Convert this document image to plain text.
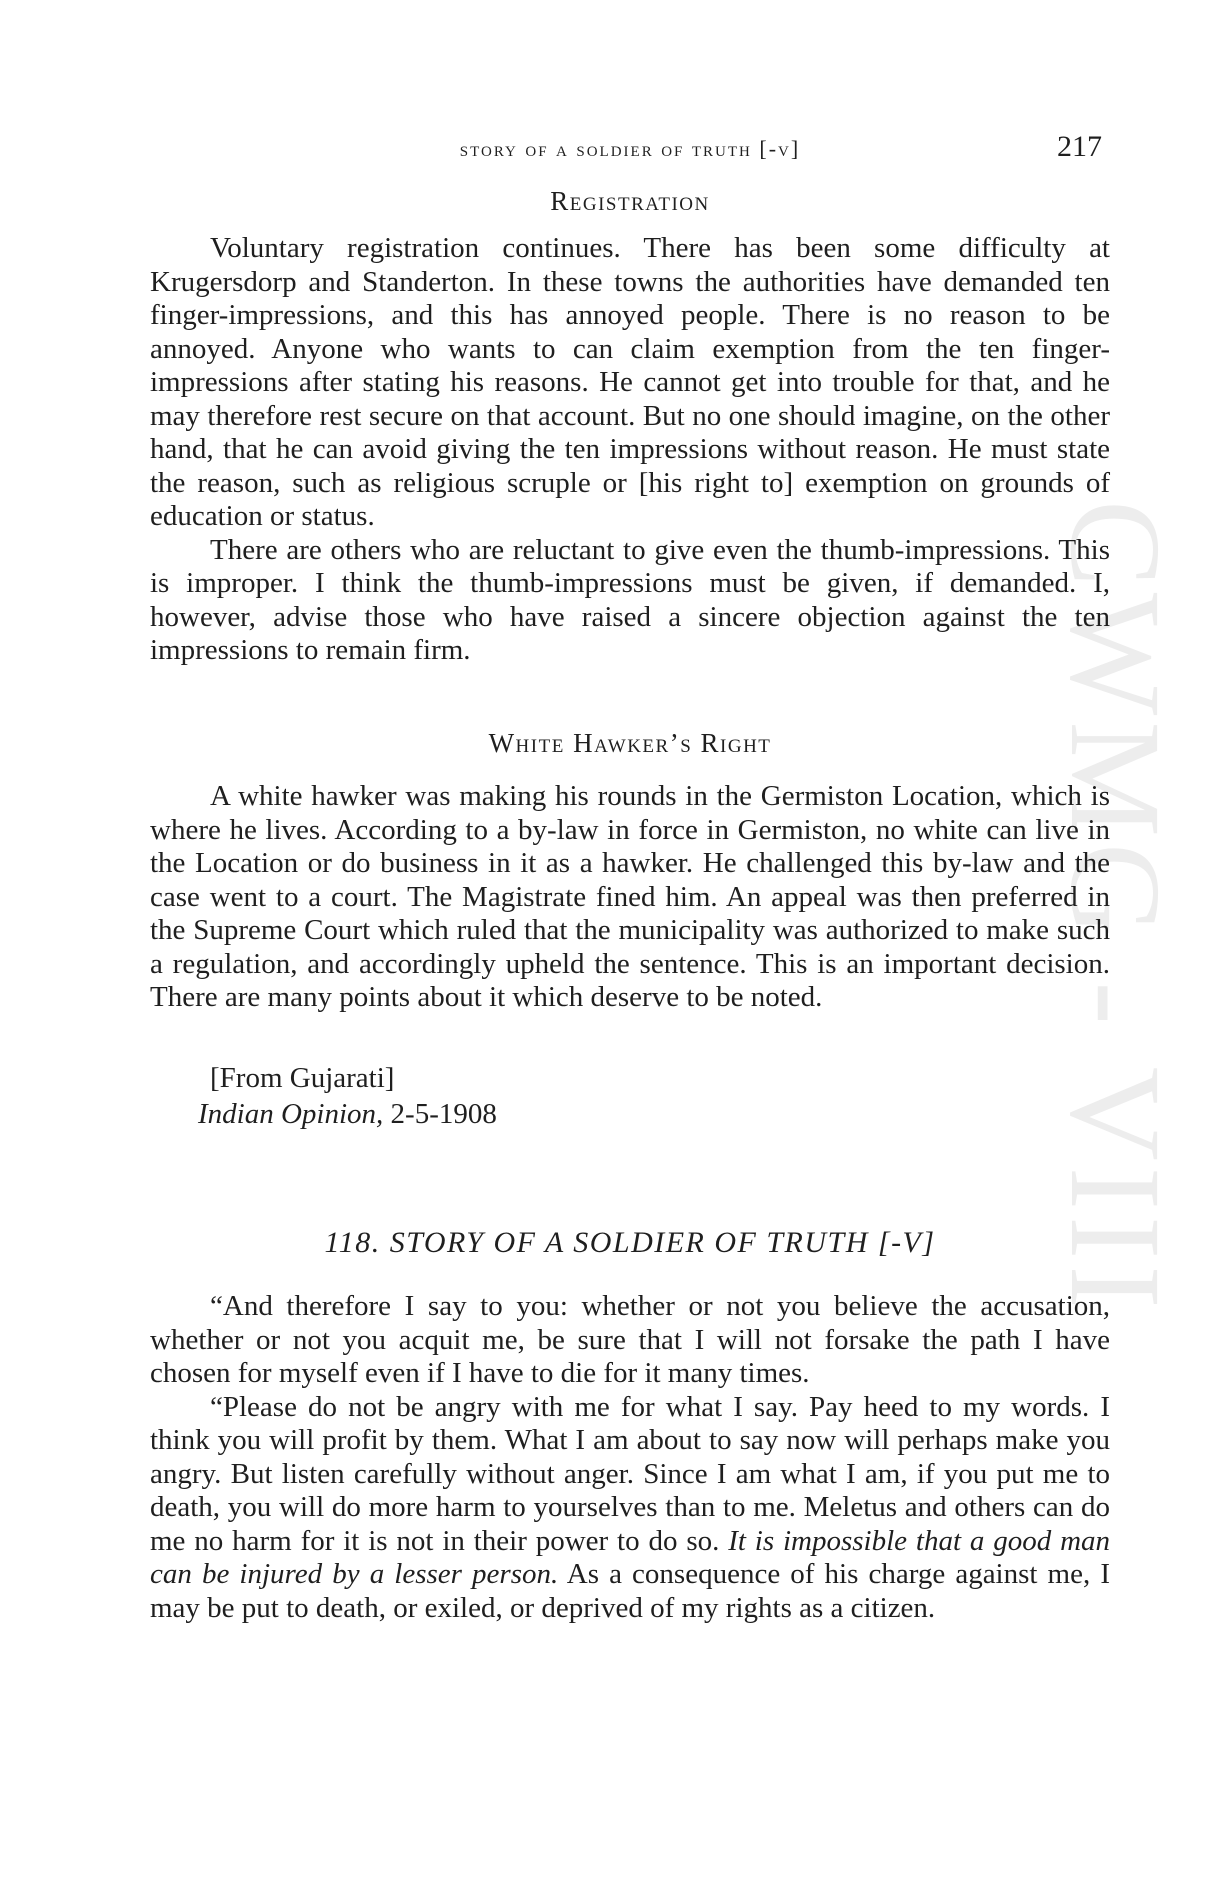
CWMG - VIII
story of a soldier of truth [-v]	217

Registration

Voluntary registration continues. There has been some difficulty at Krugersdorp and Standerton. In these towns the authorities have demanded ten finger-impressions, and this has annoyed people. There is no reason to be annoyed. Anyone who wants to can claim exemption from the ten finger-impressions after stating his reasons. He cannot get into trouble for that, and he may therefore rest secure on that account. But no one should imagine, on the other hand, that he can avoid giving the ten impressions without reason. He must state the reason, such as religious scruple or [his right to] exemption on grounds of education or status.

There are others who are reluctant to give even the thumb-impressions. This is improper. I think the thumb-impressions must be given, if demanded. I, however, advise those who have raised a sincere objection against the ten impressions to remain firm.

White Hawker’s Right

A white hawker was making his rounds in the Germiston Location, which is where he lives. According to a by-law in force in Germiston, no white can live in the Location or do business in it as a hawker. He challenged this by-law and the case went to a court. The Magistrate fined him. An appeal was then preferred in the Supreme Court which ruled that the municipality was authorized to make such a regulation, and accordingly upheld the sentence. This is an important decision. There are many points about it which deserve to be noted.

[From Gujarati]

Indian Opinion, 2-5-1908

118. STORY OF A SOLDIER OF TRUTH [-V]

“And therefore I say to you: whether or not you believe the accusation, whether or not you acquit me, be sure that I will not forsake the path I have chosen for myself even if I have to die for it many times.

“Please do not be angry with me for what I say. Pay heed to my words. I think you will profit by them. What I am about to say now will perhaps make you angry. But listen carefully without anger. Since I am what I am, if you put me to death, you will do more harm to yourselves than to me. Meletus and others can do me no harm for it is not in their power to do so. It is impossible that a good man can be injured by a lesser person. As a consequence of his charge against me, I may be put to death, or exiled, or deprived of my rights as a citizen.
